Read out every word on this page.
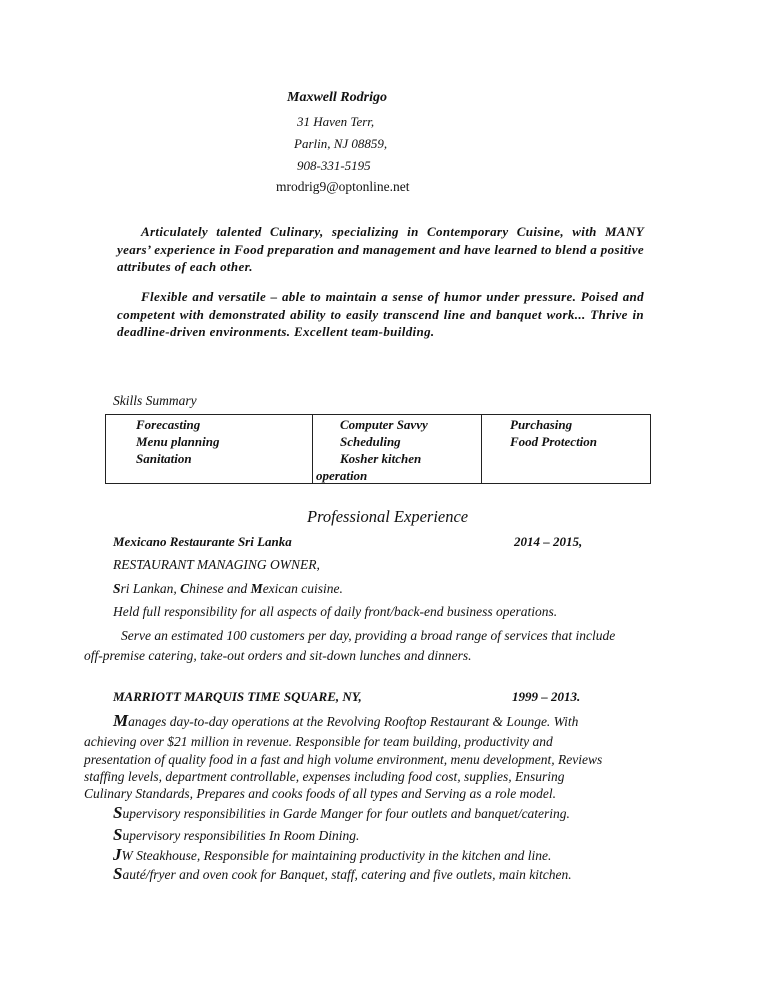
Maxwell Rodrigo
31 Haven Terr,
Parlin, NJ 08859,
908-331-5195
mrodrig9@optonline.net

Articulately talented Culinary, specializing in Contemporary Cuisine, with MANY years’ experience in Food preparation and management and have learned to blend a positive attributes of each other.

Flexible and versatile – able to maintain a sense of humor under pressure. Poised and competent with demonstrated ability to easily transcend line and banquet work... Thrive in deadline-driven environments. Excellent team-building.

Skills Summary
Forecasting
Menu planning
Sanitation
Computer Savvy
Scheduling
Kosher kitchen
operation
Purchasing
Food Protection
Professional Experience
Mexicano Restaurante Sri Lanka	2014 – 2015,
RESTAURANT MANAGING OWNER,
Sri Lankan, Chinese and Mexican cuisine.
Held full responsibility for all aspects of daily front/back-end business operations.
Serve an estimated 100 customers per day, providing a broad range of services that include
off-premise catering, take-out orders and sit-down lunches and dinners.
MARRIOTT MARQUIS TIME SQUARE, NY,	1999 – 2013.
Manages day-to-day operations at the Revolving Rooftop Restaurant & Lounge. With
achieving over $21 million in revenue. Responsible for team building, productivity and
presentation of quality food in a fast and high volume environment, menu development, Reviews
staffing levels, department controllable, expenses including food cost, supplies, Ensuring
Culinary Standards, Prepares and cooks foods of all types and Serving as a role model.
Supervisory responsibilities in Garde Manger for four outlets and banquet/catering.
Supervisory responsibilities In Room Dining.
JW Steakhouse, Responsible for maintaining productivity in the kitchen and line.
Sauté/fryer and oven cook for Banquet, staff, catering and five outlets, main kitchen.
